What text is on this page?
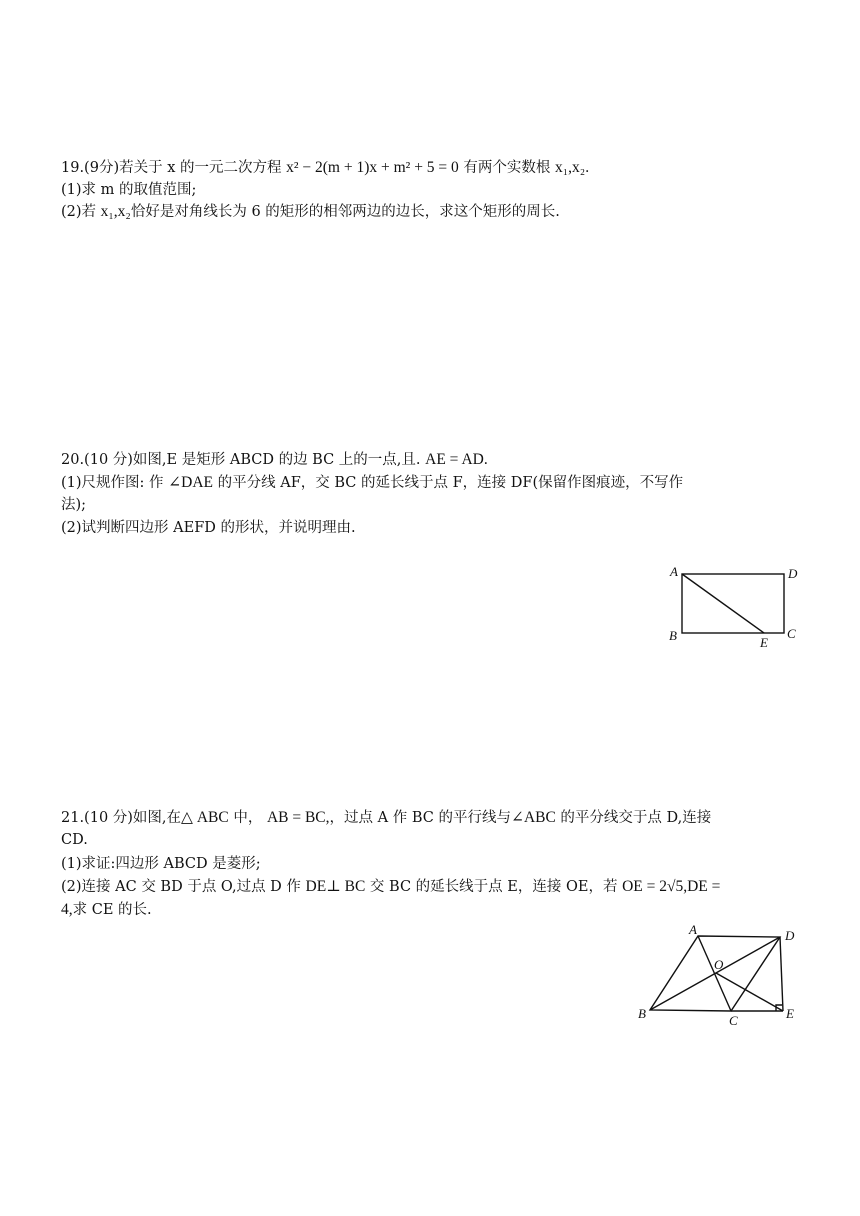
19.(9分)若关于 x 的一元二次方程 x² − 2(m + 1)x + m² + 5 = 0 有两个实数根 x₁,x₂.
(1)求 m 的取值范围;
(2)若 x₁,x₂恰好是对角线长为 6 的矩形的相邻两边的边长，求这个矩形的周长.
20.(10 分)如图,E 是矩形 ABCD 的边 BC 上的一点,且. AE = AD.
(1)尺规作图: 作 ∠DAE 的平分线 AF，交 BC 的延长线于点 F，连接 DF(保留作图痕迹，不写作
法);
(2)试判断四边形 AEFD 的形状，并说明理由.
A	D
B	C
E
21.(10 分)如图,在△ ABC 中， AB = BC,，过点 A 作 BC 的平行线与∠ABC 的平分线交于点 D,连接
CD.
(1)求证:四边形 ABCD 是菱形;
(2)连接 AC 交 BD 于点 O,过点 D 作 DE⊥ BC 交 BC 的延长线于点 E，连接 OE，若 OE = 2√5,DE =
4,求 CE 的长.
A	D
O
B	C	E
